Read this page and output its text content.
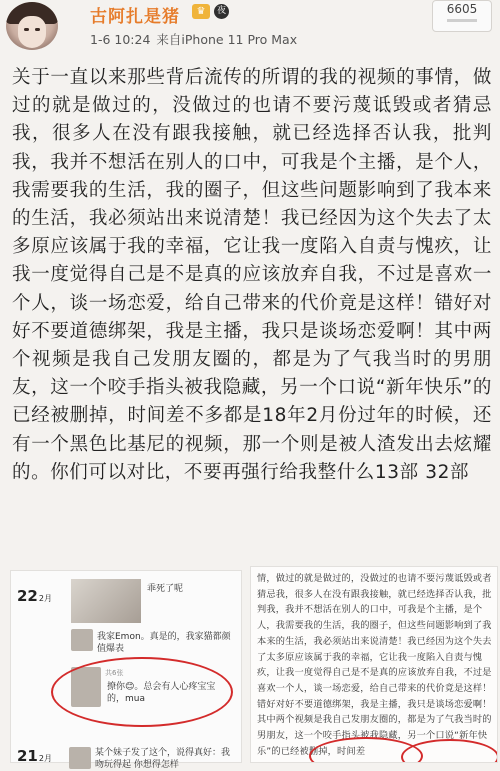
古阿扎是猪	♛	夜
1-6 10:24 来自iPhone 11 Pro Max
6605
关于一直以来那些背后流传的所谓的我的视频的事情，做过的就是做过的，没做过的也请不要污蔑诋毁或者猜忌我，很多人在没有跟我接触，就已经选择否认我，批判我，我并不想活在别人的口中，可我是个主播，是个人，我需要我的生活，我的圈子，但这些问题影响到了我本来的生活，我必须站出来说清楚！我已经因为这个失去了太多原应该属于我的幸福，它让我一度陷入自责与愧疚，让我一度觉得自己是不是真的应该放弃自我，不过是喜欢一个人，谈一场恋爱，给自己带来的代价竟是这样！错好对好不要道德绑架，我是主播，我只是谈场恋爱啊！其中两个视频是我自己发朋友圈的，都是为了气我当时的男朋友，这一个咬手指头被我隐藏，另一个口说“新年快乐”的已经被删掉，时间差不多都是18年2月份过年的时候，还有一个黑色比基尼的视频，那一个则是被人渣发出去炫耀的。你们可以对比，不要再强行给我整什么13部 32部
222月
乖死了呢
我家Emon。真是的，我家猫都颜值爆表
共6张
撩你😊。总会有人心疼宝宝的，mua
212月
某个妹子发了这个，说得真好：我吻玩得起 你想得怎样
情，做过的就是做过的，没做过的也请不要污蔑诋毁或者猜忌我，很多人在没有跟我接触，就已经选择否认我，批判我，我并不想活在别人的口中，可我是个主播，是个人，我需要我的生活，我的圈子，但这些问题影响到了我本来的生活，我必须站出来说清楚！我已经因为这个失去了太多原应该属于我的幸福，它让我一度陷入自责与愧疚，让我一度觉得自己是不是真的应该放弃自我，不过是喜欢一个人，谈一场恋爱，给自己带来的代价竟是这样！错好对好不要道德绑架，我是主播，我只是谈场恋爱啊！其中两个视频是我自己发朋友圈的，都是为了气我当时的男朋友，这一个咬手指头被我隐藏，另一个口说“新年快乐”的已经被删掉，时间差
